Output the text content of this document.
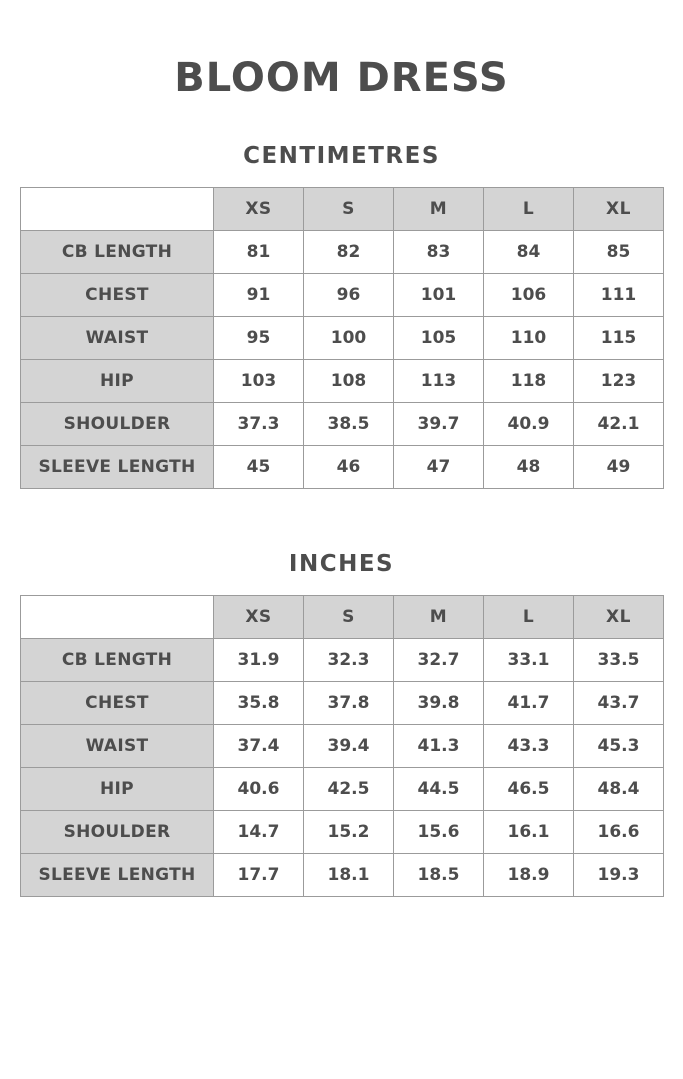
BLOOM DRESS
CENTIMETRES
	XS	S	M	L	XL
CB LENGTH	81	82	83	84	85
CHEST	91	96	101	106	111
WAIST	95	100	105	110	115
HIP	103	108	113	118	123
SHOULDER	37.3	38.5	39.7	40.9	42.1
SLEEVE LENGTH	45	46	47	48	49
INCHES
	XS	S	M	L	XL
CB LENGTH	31.9	32.3	32.7	33.1	33.5
CHEST	35.8	37.8	39.8	41.7	43.7
WAIST	37.4	39.4	41.3	43.3	45.3
HIP	40.6	42.5	44.5	46.5	48.4
SHOULDER	14.7	15.2	15.6	16.1	16.6
SLEEVE LENGTH	17.7	18.1	18.5	18.9	19.3
